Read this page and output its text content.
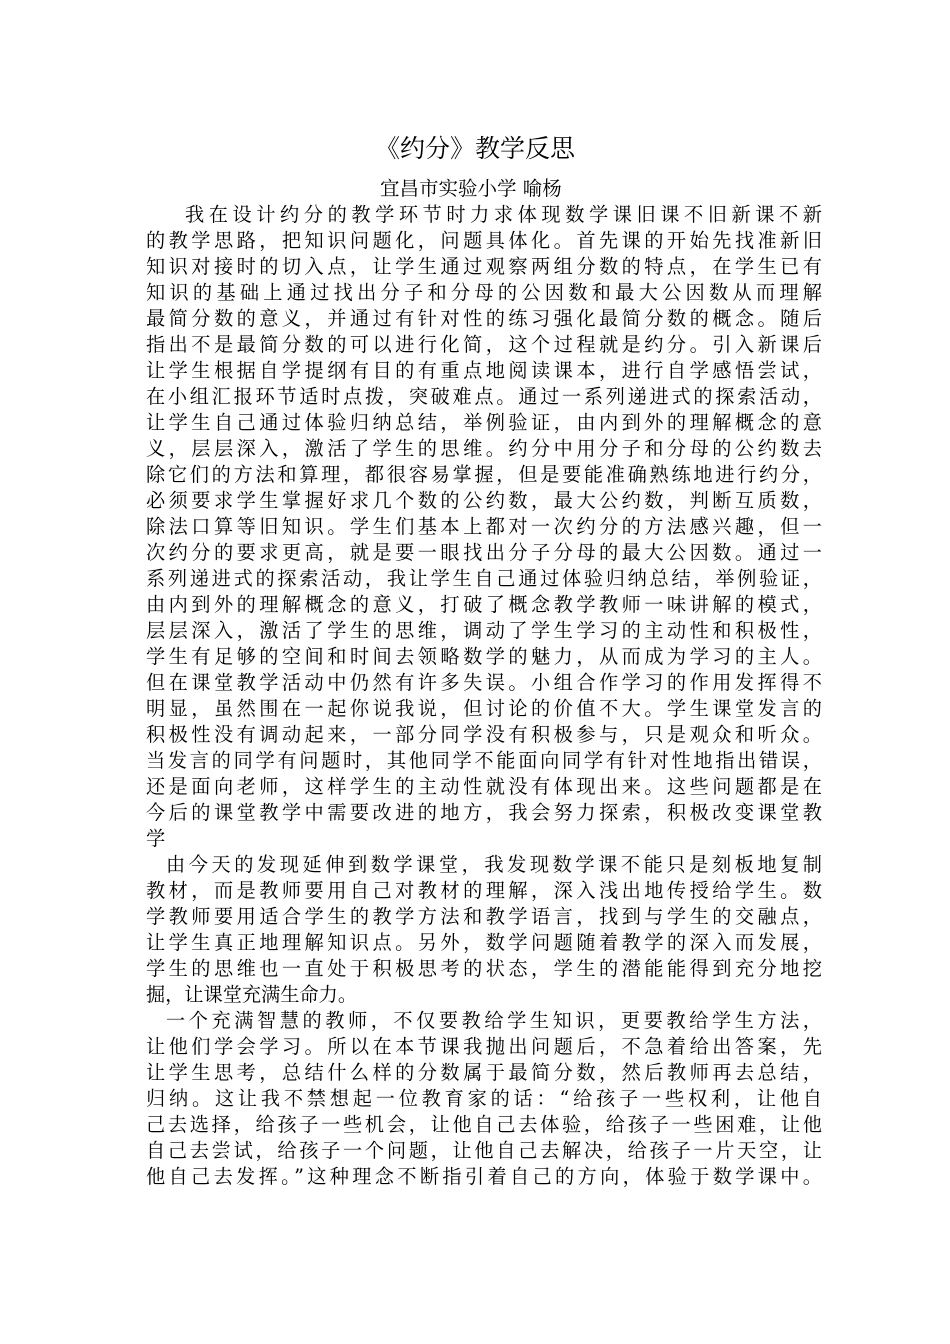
《约分》教学反思
宜昌市实验小学 喻杨
我在设计约分的教学环节时力求体现数学课旧课不旧新课不新
的教学思路，把知识问题化，问题具体化。首先课的开始先找准新旧
知识对接时的切入点，让学生通过观察两组分数的特点，在学生已有
知识的基础上通过找出分子和分母的公因数和最大公因数从而理解
最简分数的意义，并通过有针对性的练习强化最简分数的概念。随后
指出不是最简分数的可以进行化简，这个过程就是约分。引入新课后
让学生根据自学提纲有目的有重点地阅读课本，进行自学感悟尝试，
在小组汇报环节适时点拨，突破难点。通过一系列递进式的探索活动，
让学生自己通过体验归纳总结，举例验证，由内到外的理解概念的意
义，层层深入，激活了学生的思维。约分中用分子和分母的公约数去
除它们的方法和算理，都很容易掌握，但是要能准确熟练地进行约分，
必须要求学生掌握好求几个数的公约数，最大公约数，判断互质数，
除法口算等旧知识。学生们基本上都对一次约分的方法感兴趣，但一
次约分的要求更高，就是要一眼找出分子分母的最大公因数。通过一
系列递进式的探索活动，我让学生自己通过体验归纳总结，举例验证，
由内到外的理解概念的意义，打破了概念教学教师一味讲解的模式，
层层深入，激活了学生的思维，调动了学生学习的主动性和积极性，
学生有足够的空间和时间去领略数学的魅力，从而成为学习的主人。
但在课堂教学活动中仍然有许多失误。小组合作学习的作用发挥得不
明显，虽然围在一起你说我说，但讨论的价值不大。学生课堂发言的
积极性没有调动起来，一部分同学没有积极参与，只是观众和听众。
当发言的同学有问题时，其他同学不能面向同学有针对性地指出错误，
还是面向老师，这样学生的主动性就没有体现出来。这些问题都是在
今后的课堂教学中需要改进的地方，我会努力探索，积极改变课堂教
学
由今天的发现延伸到数学课堂，我发现数学课不能只是刻板地复制
教材，而是教师要用自己对教材的理解，深入浅出地传授给学生。数
学教师要用适合学生的教学方法和教学语言，找到与学生的交融点，
让学生真正地理解知识点。另外，数学问题随着教学的深入而发展，
学生的思维也一直处于积极思考的状态，学生的潜能能得到充分地挖
掘，让课堂充满生命力。
一个充满智慧的教师，不仅要教给学生知识，更要教给学生方法，
让他们学会学习。所以在本节课我抛出问题后，不急着给出答案，先
让学生思考，总结什么样的分数属于最简分数，然后教师再去总结，
归纳。这让我不禁想起一位教育家的话：“给孩子一些权利，让他自
己去选择，给孩子一些机会，让他自己去体验，给孩子一些困难，让他
自己去尝试，给孩子一个问题，让他自己去解决，给孩子一片天空，让
他自己去发挥。”这种理念不断指引着自己的方向，体验于数学课中。
